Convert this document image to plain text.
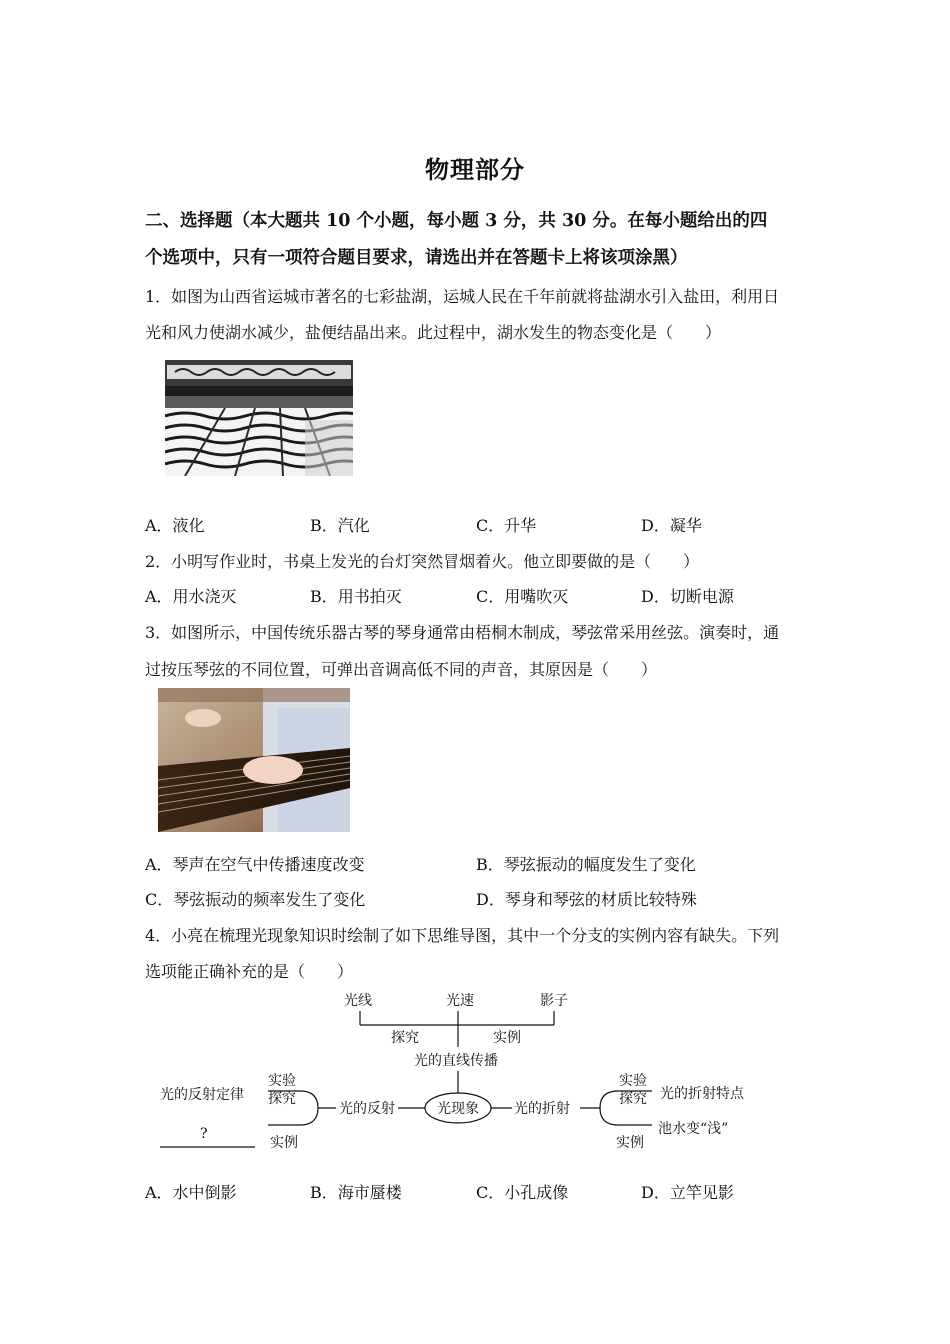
物理部分
二、选择题（本大题共 10 个小题，每小题 3 分，共 30 分。在每小题给出的四
个选项中，只有一项符合题目要求，请选出并在答题卡上将该项涂黑）
1．如图为山西省运城市著名的七彩盐湖，运城人民在千年前就将盐湖水引入盐田，利用日
光和风力使湖水减少，盐便结晶出来。此过程中，湖水发生的物态变化是（　　）
A．液化	B．汽化	C．升华	D．凝华
2．小明写作业时，书桌上发光的台灯突然冒烟着火。他立即要做的是（　　）
A．用水浇灭	B．用书拍灭	C．用嘴吹灭	D．切断电源
3．如图所示，中国传统乐器古琴的琴身通常由梧桐木制成，琴弦常采用丝弦。演奏时，通
过按压琴弦的不同位置，可弹出音调高低不同的声音，其原因是（　　）
A．琴声在空气中传播速度改变	B．琴弦振动的幅度发生了变化
C．琴弦振动的频率发生了变化	D．琴身和琴弦的材质比较特殊
4．小亮在梳理光现象知识时绘制了如下思维导图，其中一个分支的实例内容有缺失。下列
选项能正确补充的是（　　）
光线	光速	影子
探究	实例
光的直线传播
光现象
光的反射
实验
探究
实例
光的反射定律
?
光的折射
实验
探究
实例
光的折射特点
池水变“浅”
A．水中倒影	B．海市蜃楼	C．小孔成像	D．立竿见影
